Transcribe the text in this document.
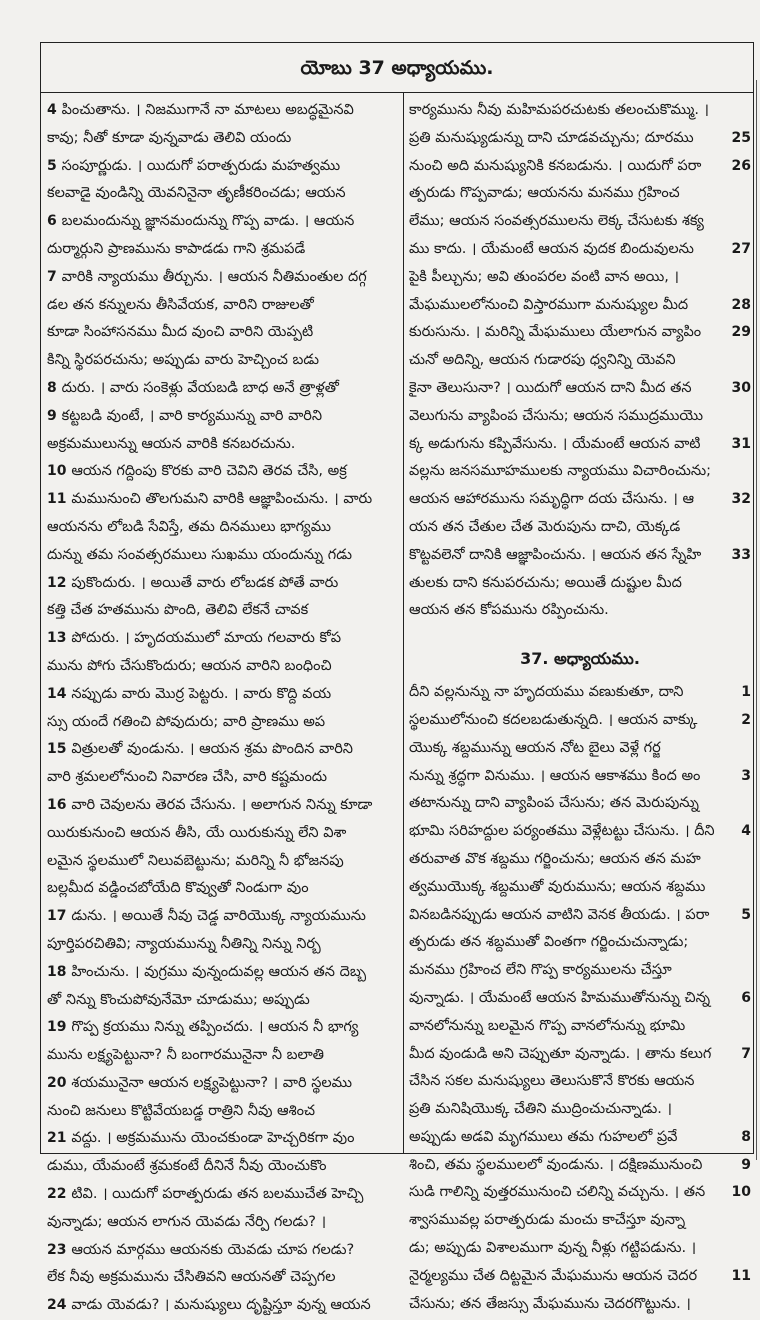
యోబు 37 అధ్యాయము.
4 పించుతాను. । నిజముగానే నా మాటలు అబద్ధమైనవి
కావు; నీతో కూడా వున్నవాడు తెలివి యందు
5 సంపూర్ణుడు. । యిదుగో పరాత్పరుడు మహత్వము
కలవాడై వుండిన్ని యెవనినైనా తృణీకరించడు; ఆయన
6 బలమందున్ను జ్ఞానమందున్ను గొప్ప వాడు. । ఆయన
దుర్మార్గుని ప్రాణమును కాపాడడు గాని శ్రమపడే
7 వారికి న్యాయము తీర్చును. । ఆయన నీతిమంతుల దగ్గ
డల తన కన్నులను తీసివేయక, వారిని రాజులతో
కూడా సింహాసనము మీద వుంచి వారిని యెప్పటి
కిన్ని స్థిరపరచును; అప్పుడు వారు హెచ్చించ బడు
8 దురు. । వారు సంకెళ్లు వేయబడి బాధ అనే త్రాళ్లతో
9 కట్టబడి వుంటే, । వారి కార్యమున్ను వారి వారిని
అక్రమములున్ను ఆయన వారికి కనబరచును.
10 ఆయన గద్దింపు కొరకు వారి చెవిని తెరవ చేసి, అక్ర
11 మమునుంచి తొలగుమని వారికి ఆజ్ఞాపించును. । వారు
ఆయనను లోబడి సేవిస్తే, తమ దినములు భాగ్యము
దున్ను తమ సంవత్సరములు సుఖము యందున్ను గడు
12 పుకొందురు. । అయితే వారు లోబడక పోతే వారు
కత్తి చేత హతమును పొంది, తెలివి లేకనే చావక
13 పోదురు. । హృదయములో మాయ గలవారు కోప
మును పోగు చేసుకొందురు; ఆయన వారిని బంధించి
14 నప్పుడు వారు మొర్ర పెట్టరు. । వారు కొద్ది వయ
స్సు యందే గతించి పోవుదురు; వారి ప్రాణము అప
15 విత్రులతో వుండును. । ఆయన శ్రమ పొందిన వారిని
వారి శ్రమలలోనుంచి నివారణ చేసి, వారి కష్టమందు
16 వారి చెవులను తెరవ చేసును. । అలాగున నిన్ను కూడా
యిరుకునుంచి ఆయన తీసి, యే యిరుకున్ను లేని విశా
లమైన స్థలములో నిలువబెట్టును; మరిన్ని నీ భోజనపు
బల్లమీద వడ్డించబోయేది కొవ్వుతో నిండుగా వుం
17 డును. । అయితే నీవు చెడ్డ వారియొక్క న్యాయమును
పూర్తిపరచితివి; న్యాయమున్ను నీతిన్ని నిన్ను నిర్బ
18 హించును. । వుగ్రము వున్నందువల్ల ఆయన తన దెబ్బ
తో నిన్ను కొంచుపోవునేమో చూడుము; అప్పుడు
19 గొప్ప క్రయము నిన్ను తప్పించదు. । ఆయన నీ భాగ్య
మును లక్ష్యపెట్టునా? నీ బంగారమునైనా నీ బలాతి
20 శయమునైనా ఆయన లక్ష్యపెట్టునా? । వారి స్థలము
నుంచి జనులు కొట్టివేయబడ్డ రాత్రిని నీవు ఆశించ
21 వద్దు. । అక్రమమును యెంచకుండా హెచ్చరికగా వుం
డుము, యేమంటే శ్రమకంటే దీనినే నీవు యెంచుకొం
22 టివి. । యిదుగో పరాత్పరుడు తన బలముచేత హెచ్చి
వున్నాడు; ఆయన లాగున యెవడు నేర్పి గలడు? ।
23 ఆయన మార్గము ఆయనకు యెవడు చూప గలడు?
లేక నీవు అక్రమమును చేసితివని ఆయనతో చెప్పగల
24 వాడు యెవడు? । మనుష్యులు దృష్టిస్తూ వున్న ఆయన
కార్యమును నీవు మహిమపరచుటకు తలంచుకొమ్ము. ।
ప్రతి మనుష్యుడున్ను దాని చూడవచ్చును; దూరము	25
నుంచి అది మనుష్యునికి కనబడును. । యిదుగో పరా 26
త్పరుడు గొప్పవాడు; ఆయనను మనము గ్రహించ
లేము; ఆయన సంవత్సరములను లెక్క చేసుటకు శక్య
ము కాదు. । యేమంటే ఆయన వుదక బిందువులను	27
పైకి పీల్చును; అవి తుంపరల వంటి వాన అయి, ।
మేఘములలోనుంచి విస్తారముగా మనుష్యుల మీద	28
కురుసును. । మరిన్ని మేఘములు యేలాగున వ్యాపిం 29
చునో అదిన్ని, ఆయన గుడారపు ధ్వనిన్ని యెవని
కైనా తెలుసునా? । యిదుగో ఆయన దాని మీద తన	30
వెలుగును వ్యాపింప చేసును; ఆయన సముద్రముయొ
క్క అడుగును కప్పివేసును. । యేమంటే ఆయన వాటి 31
వల్లను జనసమూహములకు న్యాయము విచారించును;
ఆయన ఆహారమును సమృద్ధిగా దయ చేసును. । ఆ	32
యన తన చేతుల చేత మెరుపును దాచి, యెక్కడ
కొట్టవలెనో దానికి ఆజ్ఞాపించును. । ఆయన తన స్నేహి 33
తులకు దాని కనుపరచును; అయితే దుష్టుల మీద
ఆయన తన కోపమును రప్పించును.
37. అధ్యాయము.
దీని వల్లనున్ను నా హృదయము వణుకుతూ, దాని	1
స్థలములోనుంచి కదలబడుతున్నది. । ఆయన వాక్కు	2
యొక్క శబ్దమున్ను ఆయన నోట బైలు వెళ్లే గర్జ
నున్ను శ్రద్ధగా వినుము. । ఆయన ఆకాశము కింద అం	3
తటానున్ను దాని వ్యాపింప చేసును; తన మెరుపున్ను
భూమి సరిహద్దుల పర్యంతము వెళ్లేటట్టు చేసును. । దీని 4
తరువాత వొక శబ్దము గర్జించును; ఆయన తన మహ
త్వముయొక్క శబ్దముతో వురుమును; ఆయన శబ్దము
వినబడినప్పుడు ఆయన వాటిని వెనక తీయడు. । పరా 5
త్పరుడు తన శబ్దముతో వింతగా గర్జించుచున్నాడు;
మనము గ్రహించ లేని గొప్ప కార్యములను చేస్తూ
వున్నాడు. । యేమంటే ఆయన హిమముతోనున్ను చిన్న 6
వానలోనున్ను బలమైన గొప్ప వానలోనున్ను భూమి
మీద వుండుడి అని చెప్పుతూ వున్నాడు. । తాను కలుగ 7
చేసిన సకల మనుష్యులు తెలుసుకొనే కొరకు ఆయన
ప్రతి మనిషియొక్క చేతిని ముద్రించుచున్నాడు. ।
అప్పుడు అడవి మృగములు తమ గుహలలో ప్రవే	8
శించి, తమ స్థలములలో వుండును. । దక్షిణమునుంచి	9
సుడి గాలిన్ని వుత్తరమునుంచి చలిన్ని వచ్చును. । తన 10
శ్వాసమువల్ల పరాత్పరుడు మంచు కాచేస్తూ వున్నా
డు; అప్పుడు విశాలముగా వున్న నీళ్లు గట్టిపడును. ।
నైర్మల్యము చేత దిట్టమైన మేఘమును ఆయన చెదర 11
చేసును; తన తేజస్సు మేఘమును చెదరగొట్టును. ।
